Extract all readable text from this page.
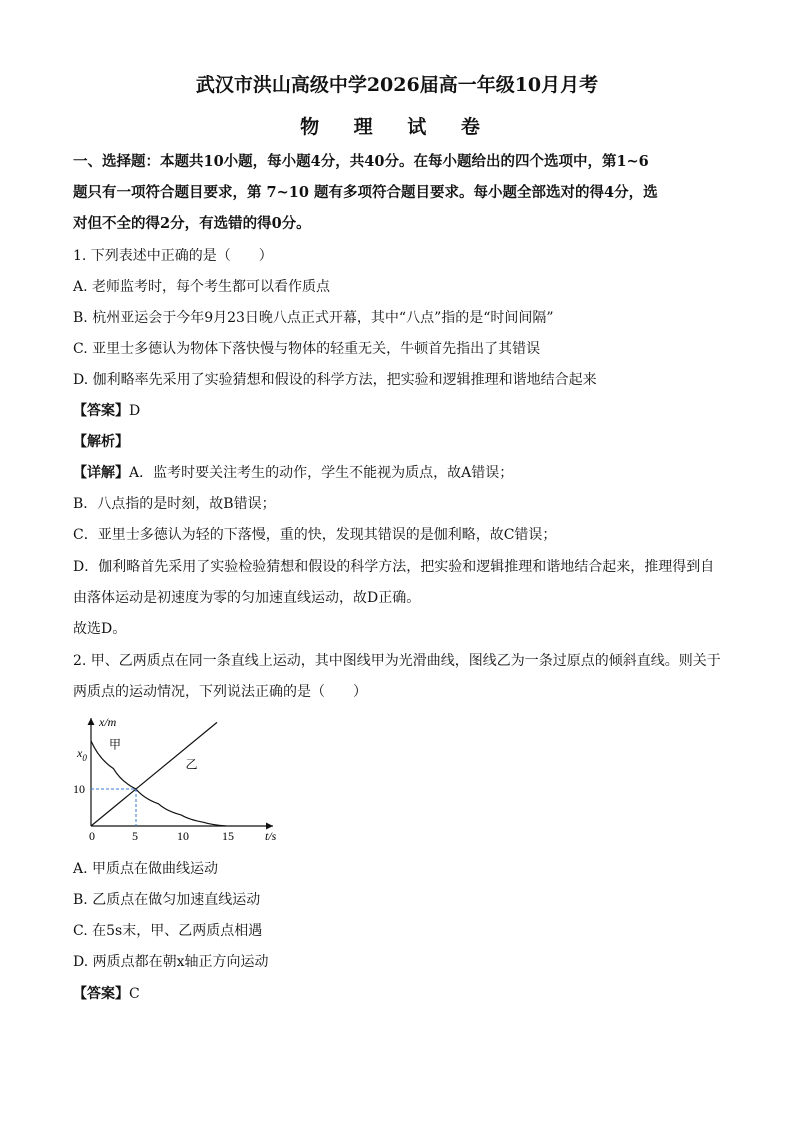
武汉市洪山高级中学2026届高一年级10月月考
物 理 试 卷
一、选择题：本题共10小题，每小题4分，共40分。在每小题给出的四个选项中，第1~6
题只有一项符合题目要求，第 7~10 题有多项符合题目要求。每小题全部选对的得4分，选
对但不全的得2分，有选错的得0分。
1. 下列表述中正确的是（　　）
A. 老师监考时，每个考生都可以看作质点
B. 杭州亚运会于今年9月23日晚八点正式开幕，其中“八点”指的是“时间间隔”
C. 亚里士多德认为物体下落快慢与物体的轻重无关，牛顿首先指出了其错误
D. 伽利略率先采用了实验猜想和假设的科学方法，把实验和逻辑推理和谐地结合起来
【答案】D
【解析】
【详解】A．监考时要关注考生的动作，学生不能视为质点，故A错误；
B．八点指的是时刻，故B错误；
C．亚里士多德认为轻的下落慢，重的快，发现其错误的是伽利略，故C错误；
D．伽利略首先采用了实验检验猜想和假设的科学方法，把实验和逻辑推理和谐地结合起来，推理得到自
由落体运动是初速度为零的匀加速直线运动，故D正确。
故选D。
2. 甲、乙两质点在同一条直线上运动，其中图线甲为光滑曲线，图线乙为一条过原点的倾斜直线。则关于
两质点的运动情况，下列说法正确的是（　　）
x/m
t/s
$x_0$
0	5	10	15
10
甲
乙
A. 甲质点在做曲线运动
B. 乙质点在做匀加速直线运动
C. 在5s末，甲、乙两质点相遇
D. 两质点都在朝x轴正方向运动
【答案】C
